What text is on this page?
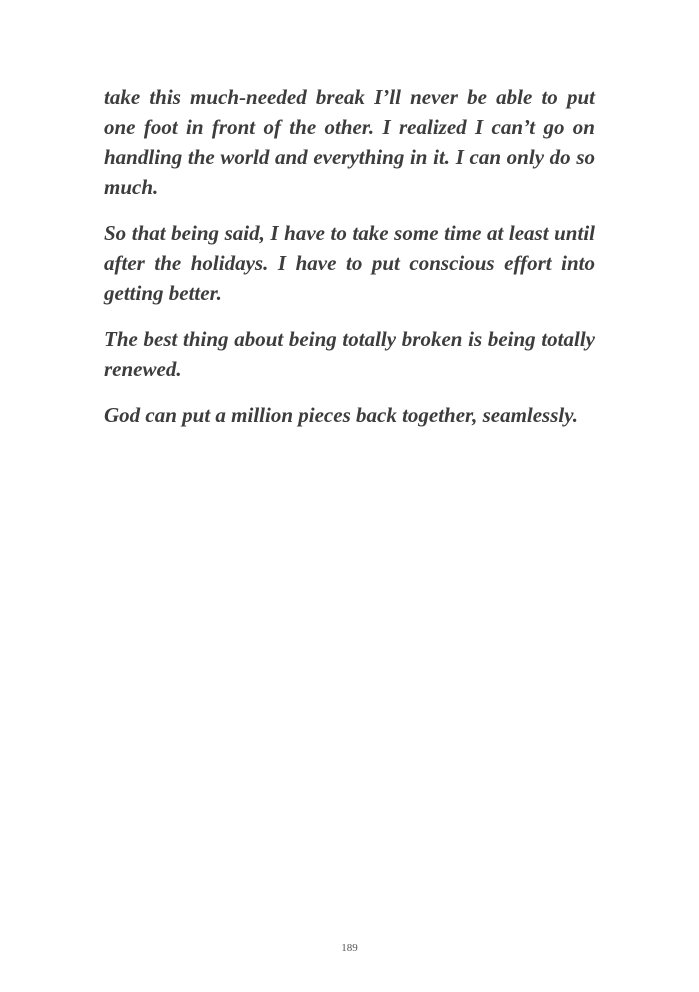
take this much-needed break I’ll never be able to put one foot in front of the other. I realized I can’t go on handling the world and everything in it. I can only do so much.

So that being said, I have to take some time at least until after the holidays. I have to put conscious effort into getting better.

The best thing about being totally broken is being totally renewed.

God can put a million pieces back together, seamlessly.

189
